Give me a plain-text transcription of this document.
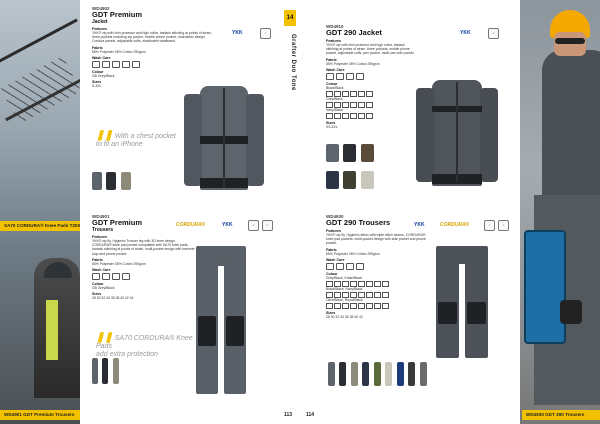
SA70 CORDURA® Knee Pads T200
WD4901 GDT Premium Trousers	WD4930 GDT 290 Trousers
14
Grafter Duo Tone
WD4902
GDT Premium
Jacket
Features
YKK® zip with chin protector and high collar, bartack stitching at points of strain, three pockets including zip pocket, mobile phone pocket, dual-fabric design, Cordura panels, adjustable cuffs, elasticated waistband.
Fabric
65% Polyester 35% Cotton 290gsm
Wash Care
Colour
GB Grey/Black
Sizes
S-4XL
YKK	✓
❚❚ With a chest pocket
to fit an iPhone

WD4910
GDT 290 Jacket
Features
YKK® zip with chin protector and high collar, bartack stitching at points of strain, three pockets, mobile phone pocket, adjustable cuffs, pen pocket, multi-use side pocket.
Fabric
65% Polyester 35% Cotton 290gsm
Wash Care
Colour
Black/Black
Grey/Black
Navy/Black
Sizes
XS-4XL
YKK	✓

WD4901
GDT Premium
Trousers
Features
YKK® zip fly, Hygienic Trouser leg with 3D knee design, CORDURA® knee pad pocket compatible with SA70 knee pads, bartack stitching at points of strain, multi-pocket design with hammer loop and phone pocket.
Fabric
65% Polyester 35% Cotton 290gsm
Wash Care
Colour
GB Grey/Black
Sizes
28 30 32 34 36 38 40 42 44
CORDURA®	YKK	✓	✓
❚❚ SA70 CORDURA® Knee Pads
add extra protection

WD4930
GDT 290 Trousers
Features
YKK® zip fly, Hygienic fabric with triple stitch seams, CORDURA® knee pad pockets, multi-pocket design with side pocket and phone pocket.
Fabric
65% Polyester 35% Cotton 290gsm
Wash Care
Colour
Grey/Black, Khaki/Black
Black/Black, Navy/Black
Olive/Black, Royal/Black
Sizes
28 30 32 34 36 38 40 42
YKK	CORDURA®	✓	✓

113	114
